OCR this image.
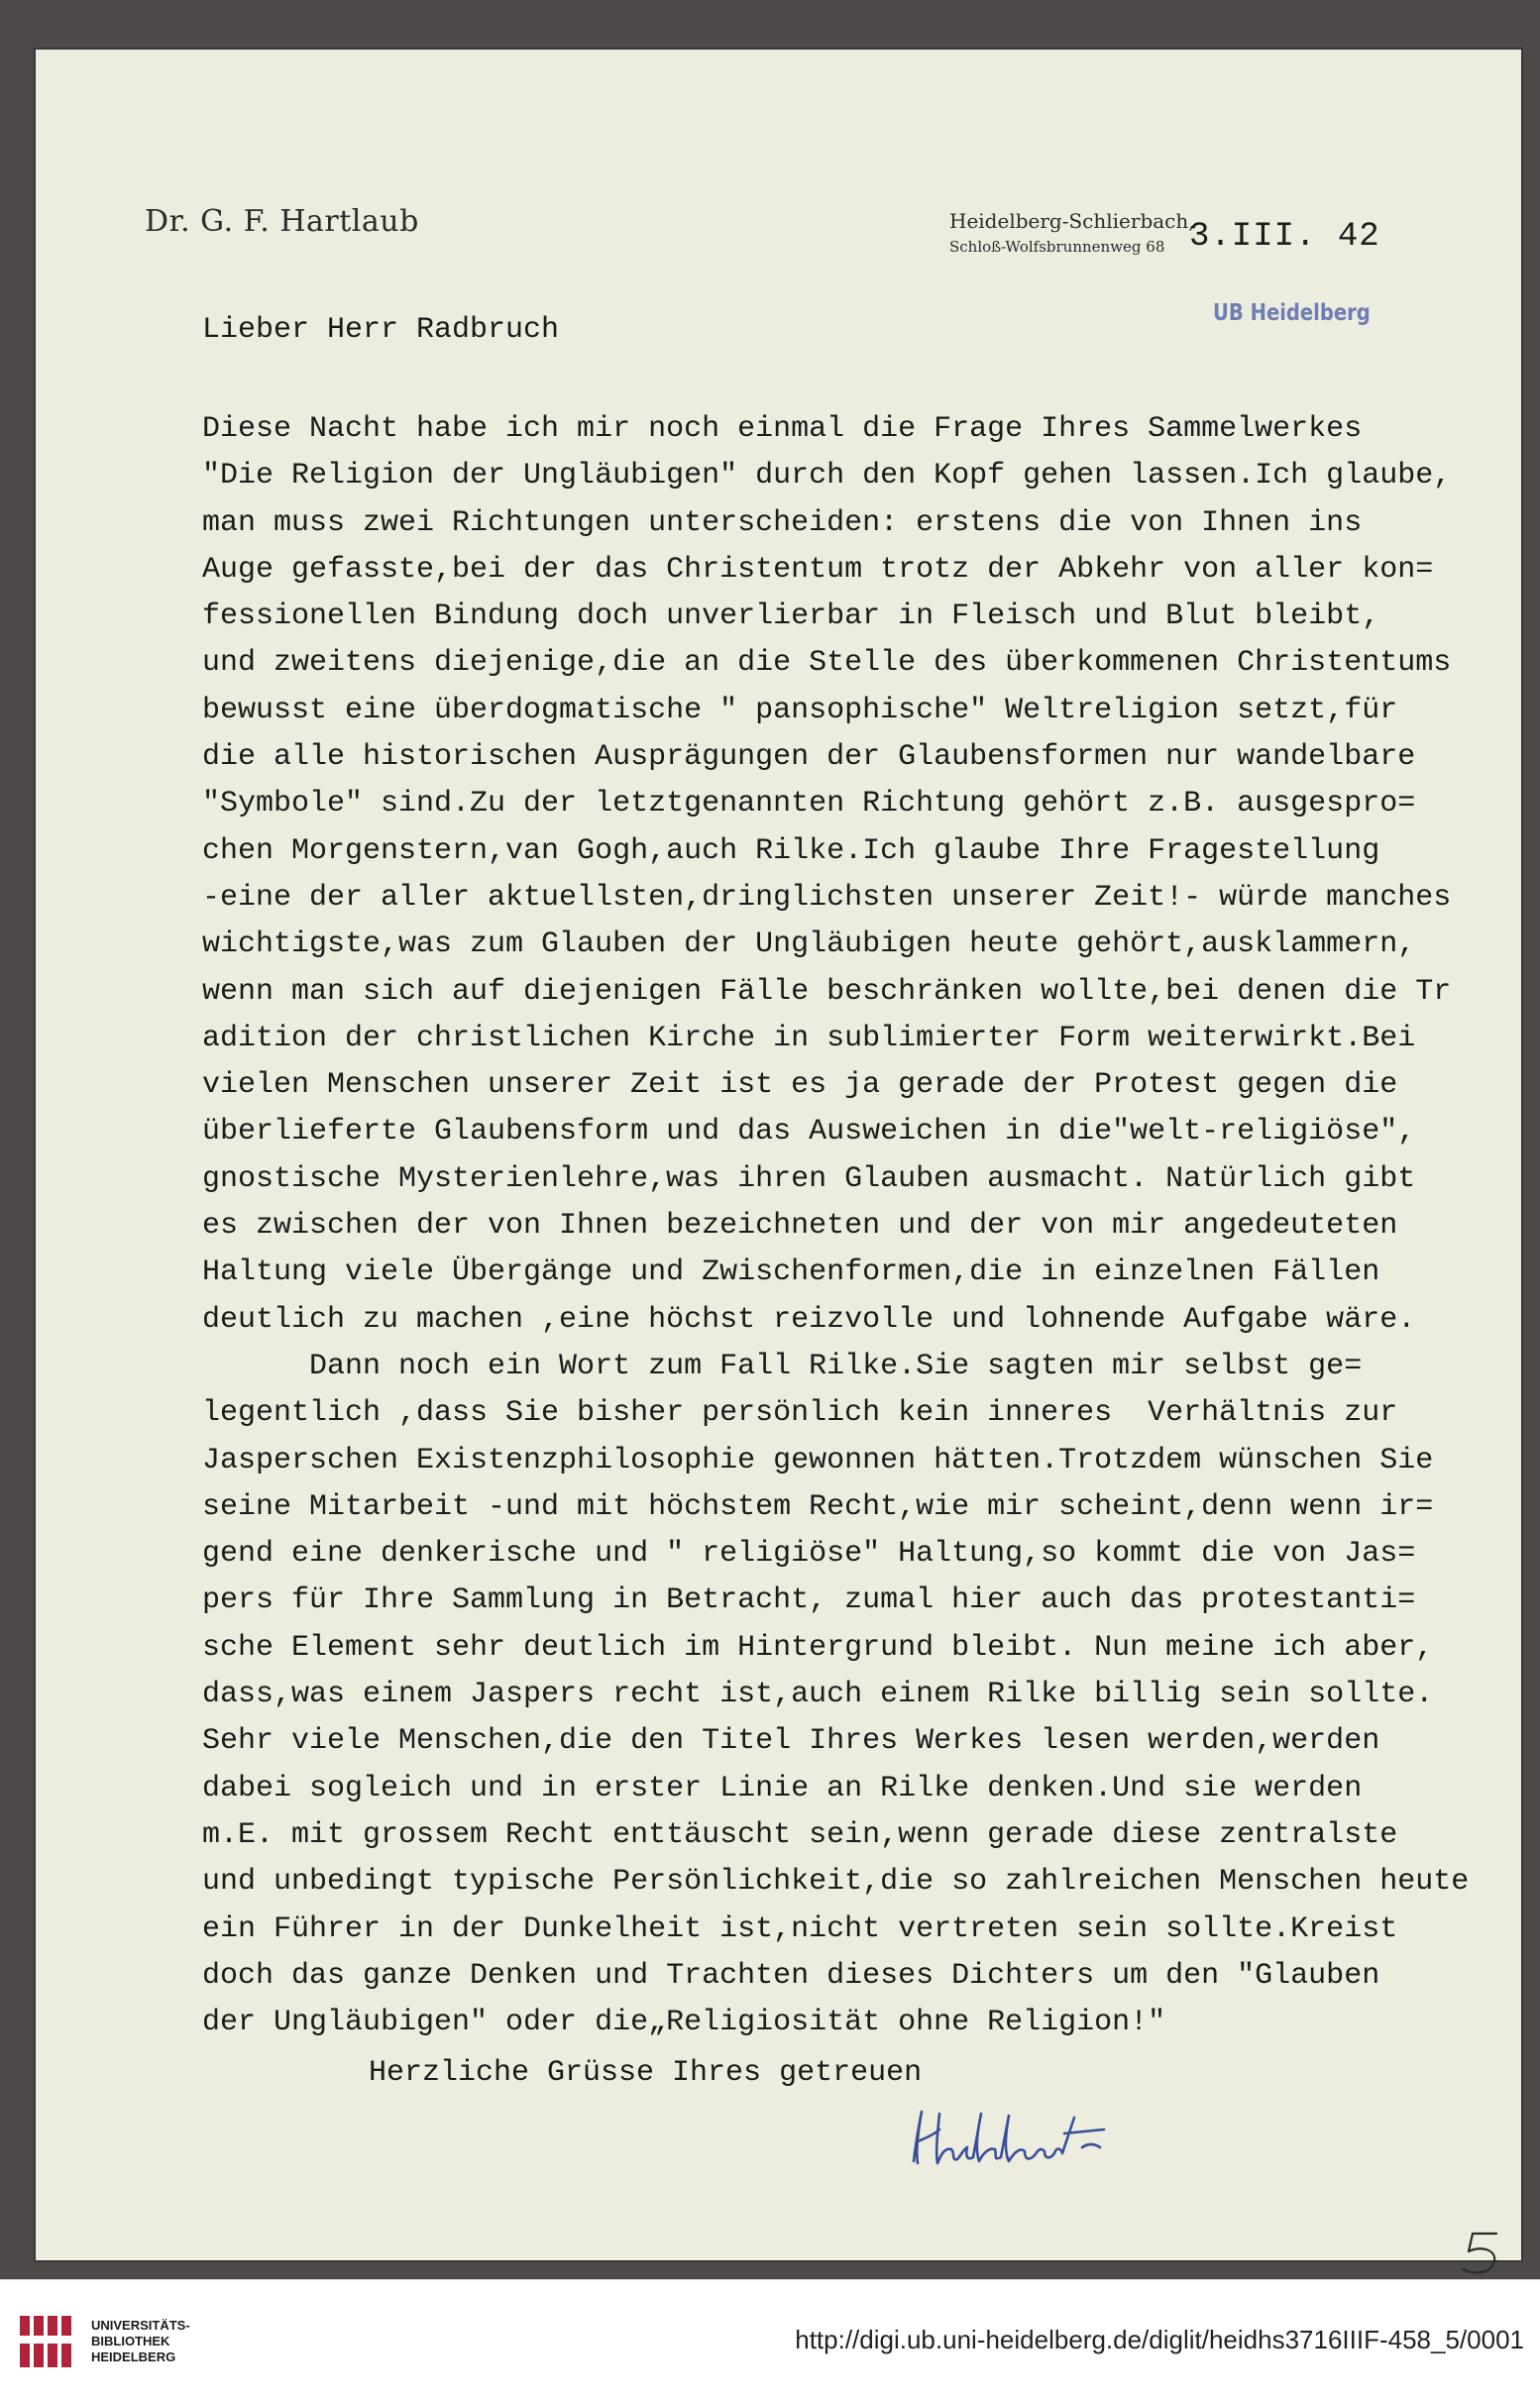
Dr. G. F. Hartlaub	Heidelberg-Schlierbach,
Schloß-Wolfsbrunnenweg 68 3.III. 42
UB Heidelberg
Lieber Herr Radbruch
Diese Nacht habe ich mir noch einmal die Frage Ihres Sammelwerkes
"Die Religion der Ungläubigen" durch den Kopf gehen lassen.Ich glaube,
man muss zwei Richtungen unterscheiden: erstens die von Ihnen ins
Auge gefasste,bei der das Christentum trotz der Abkehr von aller kon=
fessionellen Bindung doch unverlierbar in Fleisch und Blut bleibt,
und zweitens diejenige,die an die Stelle des überkommenen Christentums
bewusst eine überdogmatische " pansophische" Weltreligion setzt,für
die alle historischen Ausprägungen der Glaubensformen nur wandelbare
"Symbole" sind.Zu der letztgenannten Richtung gehört z.B. ausgespro=
chen Morgenstern,van Gogh,auch Rilke.Ich glaube Ihre Fragestellung
-eine der aller aktuellsten,dringlichsten unserer Zeit!- würde manches
wichtigste,was zum Glauben der Ungläubigen heute gehört,ausklammern,
wenn man sich auf diejenigen Fälle beschränken wollte,bei denen die Tr
adition der christlichen Kirche in sublimierter Form weiterwirkt.Bei
vielen Menschen unserer Zeit ist es ja gerade der Protest gegen die
überlieferte Glaubensform und das Ausweichen in die"welt-religiöse",
gnostische Mysterienlehre,was ihren Glauben ausmacht. Natürlich gibt
es zwischen der von Ihnen bezeichneten und der von mir angedeuteten
Haltung viele Übergänge und Zwischenformen,die in einzelnen Fällen
deutlich zu machen ,eine höchst reizvolle und lohnende Aufgabe wäre.
Dann noch ein Wort zum Fall Rilke.Sie sagten mir selbst ge=
legentlich ,dass Sie bisher persönlich kein inneres  Verhältnis zur
Jasperschen Existenzphilosophie gewonnen hätten.Trotzdem wünschen Sie
seine Mitarbeit -und mit höchstem Recht,wie mir scheint,denn wenn ir=
gend eine denkerische und " religiöse" Haltung,so kommt die von Jas=
pers für Ihre Sammlung in Betracht, zumal hier auch das protestanti=
sche Element sehr deutlich im Hintergrund bleibt. Nun meine ich aber,
dass,was einem Jaspers recht ist,auch einem Rilke billig sein sollte.
Sehr viele Menschen,die den Titel Ihres Werkes lesen werden,werden
dabei sogleich und in erster Linie an Rilke denken.Und sie werden
m.E. mit grossem Recht enttäuscht sein,wenn gerade diese zentralste
und unbedingt typische Persönlichkeit,die so zahlreichen Menschen heute
ein Führer in der Dunkelheit ist,nicht vertreten sein sollte.Kreist
doch das ganze Denken und Trachten dieses Dichters um den "Glauben
der Ungläubigen" oder die„Religiosität ohne Religion!"
Herzliche Grüsse Ihres getreuen
UNIVERSITÄTS-
BIBLIOTHEK
HEIDELBERG
http://digi.ub.uni-heidelberg.de/diglit/heidhs3716IIIF-458_5/0001
